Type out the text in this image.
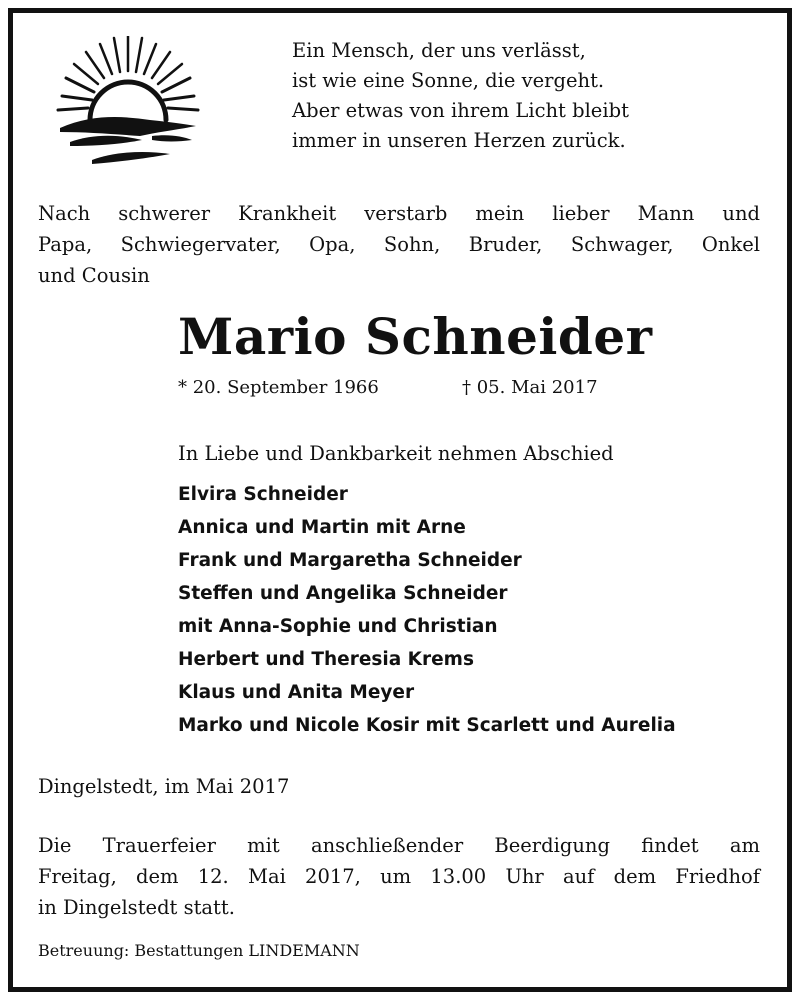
Ein Mensch, der uns verlässt,
ist wie eine Sonne, die vergeht.
Aber etwas von ihrem Licht bleibt
immer in unseren Herzen zurück.
Nach schwerer Krankheit verstarb mein lieber Mann und
Papa, Schwiegervater, Opa, Sohn, Bruder, Schwager, Onkel
und Cousin
Mario Schneider
* 20. September 1966	† 05. Mai 2017
In Liebe und Dankbarkeit nehmen Abschied
Elvira Schneider
Annica und Martin mit Arne
Frank und Margaretha Schneider
Steffen und Angelika Schneider
mit Anna-Sophie und Christian
Herbert und Theresia Krems
Klaus und Anita Meyer
Marko und Nicole Kosir mit Scarlett und Aurelia
Dingelstedt, im Mai 2017
Die Trauerfeier mit anschließender Beerdigung findet am
Freitag, dem 12. Mai 2017, um 13.00 Uhr auf dem Friedhof
in Dingelstedt statt.
Betreuung: Bestattungen LINDEMANN
